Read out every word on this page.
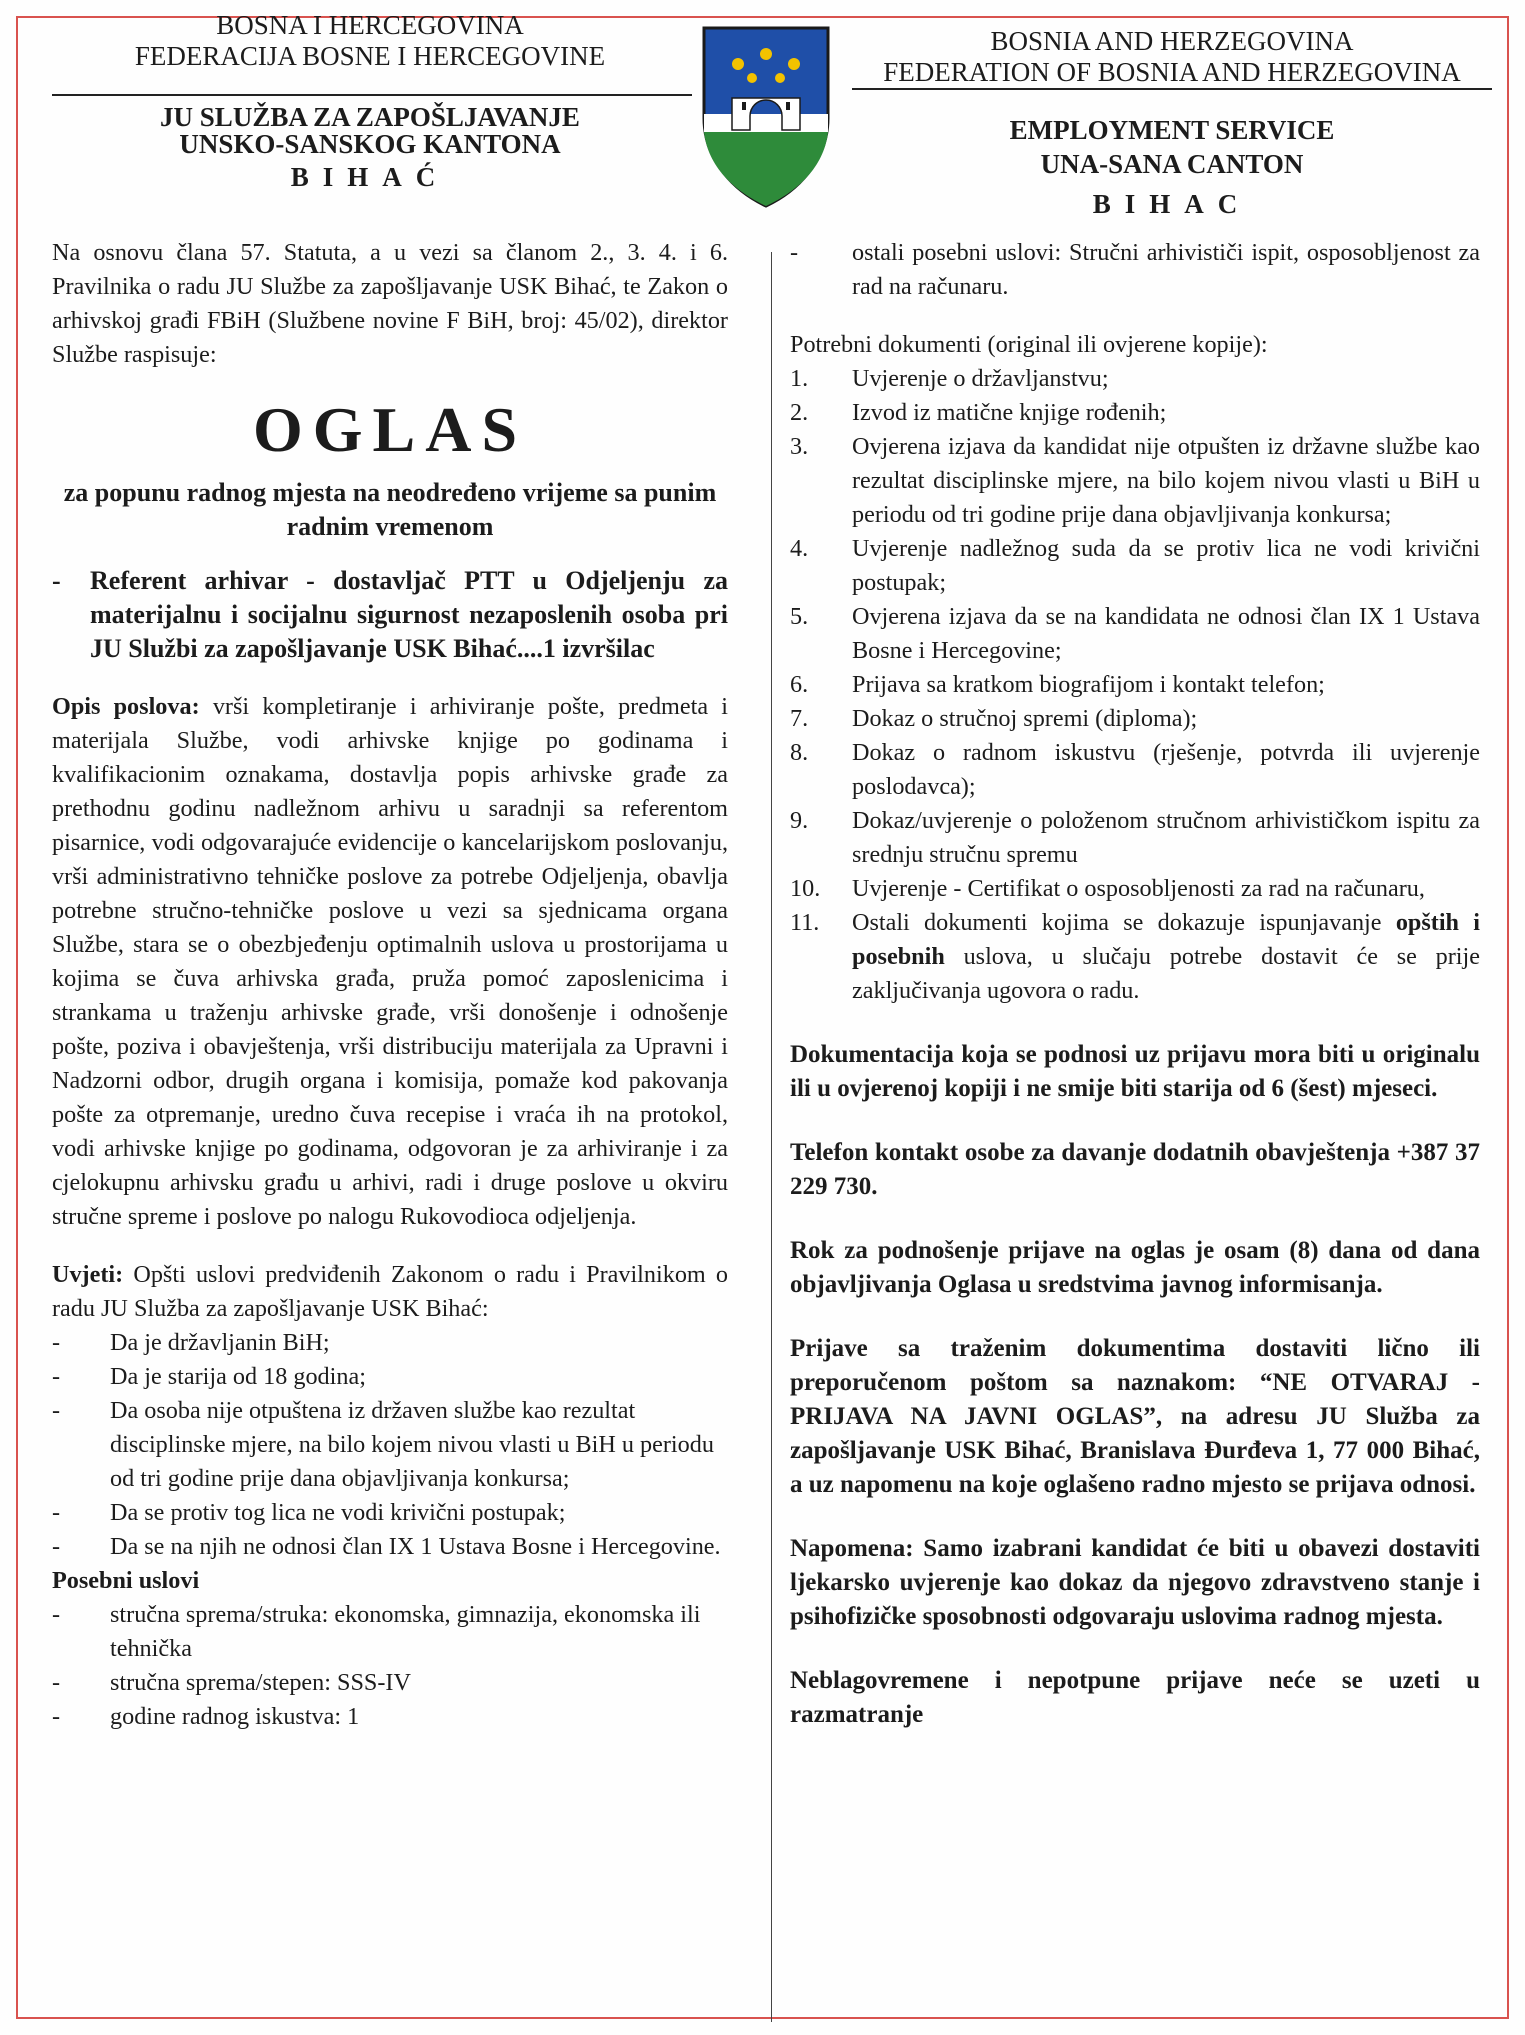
BOSNA I HERCEGOVINA
FEDERACIJA BOSNE I HERCEGOVINE
JU SLUŽBA ZA ZAPOŠLJAVANJE
UNSKO-SANSKOG KANTONA
BIHAĆ
BOSNIA AND HERZEGOVINA
FEDERATION OF BOSNIA AND HERZEGOVINA
EMPLOYMENT SERVICE
UNA-SANA CANTON
BIHAC

Na osnovu člana 57. Statuta, a u vezi sa članom 2., 3. 4. i 6. Pravilnika o radu JU Službe za zapošljavanje USK Bihać, te Zakon o arhivskoj građi FBiH (Službene novine F BiH, broj: 45/02), direktor Službe raspisuje:

OGLAS
za popunu radnog mjesta na neodređeno vrijeme sa punim radnim vremenom
-	Referent arhivar - dostavljač PTT u Odjeljenju za materijalnu i socijalnu sigurnost nezaposlenih osoba pri JU Službi za zapošljavanje USK Bihać....1 izvršilac

Opis poslova: vrši kompletiranje i arhiviranje pošte, predmeta i materijala Službe, vodi arhivske knjige po godinama i kvalifikacionim oznakama, dostavlja popis arhivske građe za prethodnu godinu nadležnom arhivu u saradnji sa referentom pisarnice, vodi odgovarajuće evidencije o kancelarijskom poslovanju, vrši administrativno tehničke poslove za potrebe Odjeljenja, obavlja potrebne stručno-tehničke poslove u vezi sa sjednicama organa Službe, stara se o obezbjeđenju optimalnih uslova u prostorijama u kojima se čuva arhivska građa, pruža pomoć zaposlenicima i strankama u traženju arhivske građe, vrši donošenje i odnošenje pošte, poziva i obavještenja, vrši distribuciju materijala za Upravni i Nadzorni odbor, drugih organa i komisija, pomaže kod pakovanja pošte za otpremanje, uredno čuva recepise i vraća ih na protokol, vodi arhivske knjige po godinama, odgovoran je za arhiviranje i za cjelokupnu arhivsku građu u arhivi, radi i druge poslove u okviru stručne spreme i poslove po nalogu Rukovodioca odjeljenja.

Uvjeti: Opšti uslovi predviđenih Zakonom o radu i Pravilnikom o radu JU Služba za zapošljavanje USK Bihać:

-	Da je državljanin BiH;
-	Da je starija od 18 godina;
-	Da osoba nije otpuštena iz državen službe kao rezultat disciplinske mjere, na bilo kojem nivou vlasti u BiH u periodu od tri godine prije dana objavljivanja konkursa;
-	Da se protiv tog lica ne vodi krivični postupak;
-	Da se na njih ne odnosi član IX 1 Ustava Bosne i Hercegovine.

Posebni uslovi

-	stručna sprema/struka: ekonomska, gimnazija, ekonomska ili tehnička
-	stručna sprema/stepen: SSS-IV
-	godine radnog iskustva: 1
-	ostali posebni uslovi: Stručni arhivističi ispit, osposobljenost za rad na računaru.

Potrebni dokumenti (original ili ovjerene kopije):

1.	Uvjerenje o državljanstvu;
2.	Izvod iz matične knjige rođenih;
3.	Ovjerena izjava da kandidat nije otpušten iz državne službe kao rezultat disciplinske mjere, na bilo kojem nivou vlasti u BiH u periodu od tri godine prije dana objavljivanja konkursa;
4.	Uvjerenje nadležnog suda da se protiv lica ne vodi krivični postupak;
5.	Ovjerena izjava da se na kandidata ne odnosi član IX 1 Ustava Bosne i Hercegovine;
6.	Prijava sa kratkom biografijom i kontakt telefon;
7.	Dokaz o stručnoj spremi (diploma);
8.	Dokaz o radnom iskustvu (rješenje, potvrda ili uvjerenje poslodavca);
9.	Dokaz/uvjerenje o položenom stručnom arhivističkom ispitu za srednju stručnu spremu
10.	Uvjerenje - Certifikat o osposobljenosti za rad na računaru,
11.	Ostali dokumenti kojima se dokazuje ispunjavanje opštih i posebnih uslova, u slučaju potrebe dostavit će se prije zaključivanja ugovora o radu.

Dokumentacija koja se podnosi uz prijavu mora biti u originalu ili u ovjerenoj kopiji i ne smije biti starija od 6 (šest) mjeseci.

Telefon kontakt osobe za davanje dodatnih obavještenja +387 37 229 730.

Rok za podnošenje prijave na oglas je osam (8) dana od dana objavljivanja Oglasa u sredstvima javnog informisanja.

Prijave sa traženim dokumentima dostaviti lično ili preporučenom poštom sa naznakom: “NE OTVARAJ - PRIJAVA NA JAVNI OGLAS”, na adresu JU Služba za zapošljavanje USK Bihać, Branislava Đurđeva 1, 77 000 Bihać, a uz napomenu na koje oglašeno radno mjesto se prijava odnosi.

Napomena: Samo izabrani kandidat će biti u obavezi dostaviti ljekarsko uvjerenje kao dokaz da njegovo zdravstveno stanje i psihofizičke sposobnosti odgovaraju uslovima radnog mjesta.

Neblagovremene i nepotpune prijave neće se uzeti u razmatranje
